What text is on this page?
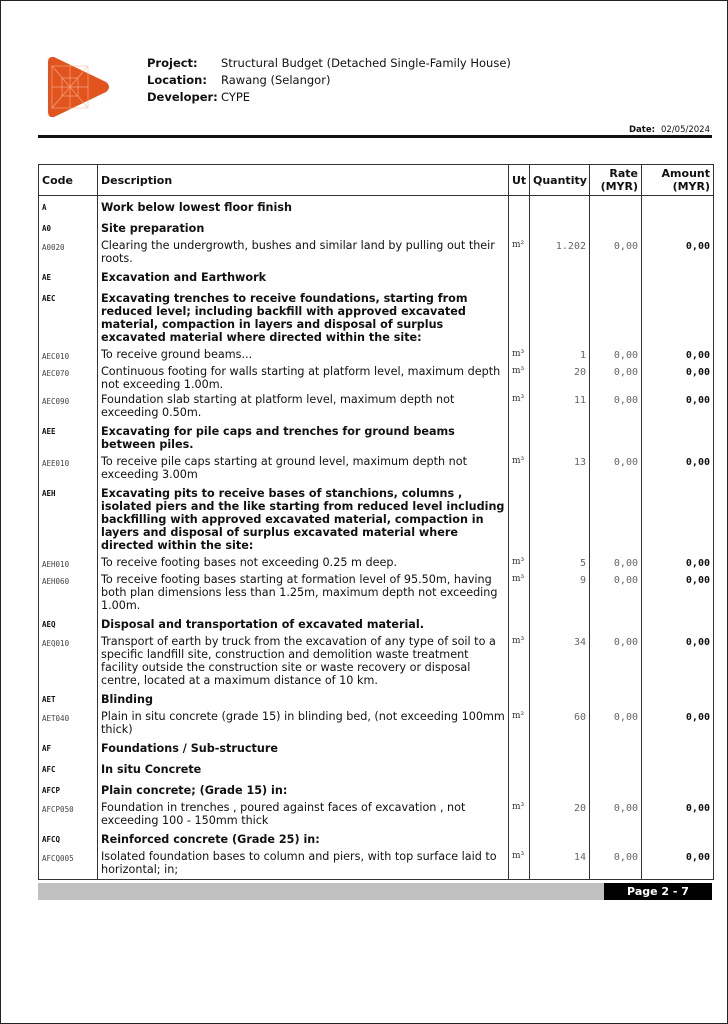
Project:	Structural Budget (Detached Single-Family House)
Location:	Rawang (Selangor)
Developer: CYPE
Date: 02/05/2024
Code	Description	Ut	Quantity	Rate (MYR)	Amount (MYR)
A	Work below lowest floor finish				
A0	Site preparation				
A0020	Clearing the undergrowth, bushes and similar land by pulling out their roots.	m²	1.202	0,00	0,00
AE	Excavation and Earthwork				
AEC	Excavating trenches to receive foundations, starting from reduced level; including backfill with approved excavated material, compaction in layers and disposal of surplus excavated material where directed within the site:				
AEC010	To receive ground beams...	m³	1	0,00	0,00
AEC070	Continuous footing for walls starting at platform level, maximum depth not exceeding 1.00m.	m³	20	0,00	0,00
AEC090	Foundation slab starting at platform level, maximum depth not exceeding 0.50m.	m³	11	0,00	0,00
AEE	Excavating for pile caps and trenches for ground beams between piles.				
AEE010	To receive pile caps starting at ground level, maximum depth not exceeding 3.00m	m³	13	0,00	0,00
AEH	Excavating pits to receive bases of stanchions, columns , isolated piers and the like starting from reduced level including backfilling with approved excavated material, compaction in layers and disposal of surplus excavated material where directed within the site:				
AEH010	To receive footing bases not exceeding 0.25 m deep.	m³	5	0,00	0,00
AEH060	To receive footing bases starting at formation level of 95.50m, having both plan dimensions less than 1.25m, maximum depth not exceeding 1.00m.	m³	9	0,00	0,00
AEQ	Disposal and transportation of excavated material.				
AEQ010	Transport of earth by truck from the excavation of any type of soil to a specific landfill site, construction and demolition waste treatment facility outside the construction site or waste recovery or disposal centre, located at a maximum distance of 10 km.	m³	34	0,00	0,00
AET	Blinding				
AET040	Plain in situ concrete (grade 15) in blinding bed, (not exceeding 100mm thick)	m²	60	0,00	0,00
AF	Foundations / Sub-structure				
AFC	In situ Concrete				
AFCP	Plain concrete; (Grade 15) in:				
AFCP050	Foundation in trenches , poured against faces of excavation , not exceeding 100 - 150mm thick	m³	20	0,00	0,00
AFCQ	Reinforced concrete (Grade 25) in:				
AFCQ005	Isolated foundation bases to column and piers, with top surface laid to horizontal; in;	m³	14	0,00	0,00
Page 2 - 7
